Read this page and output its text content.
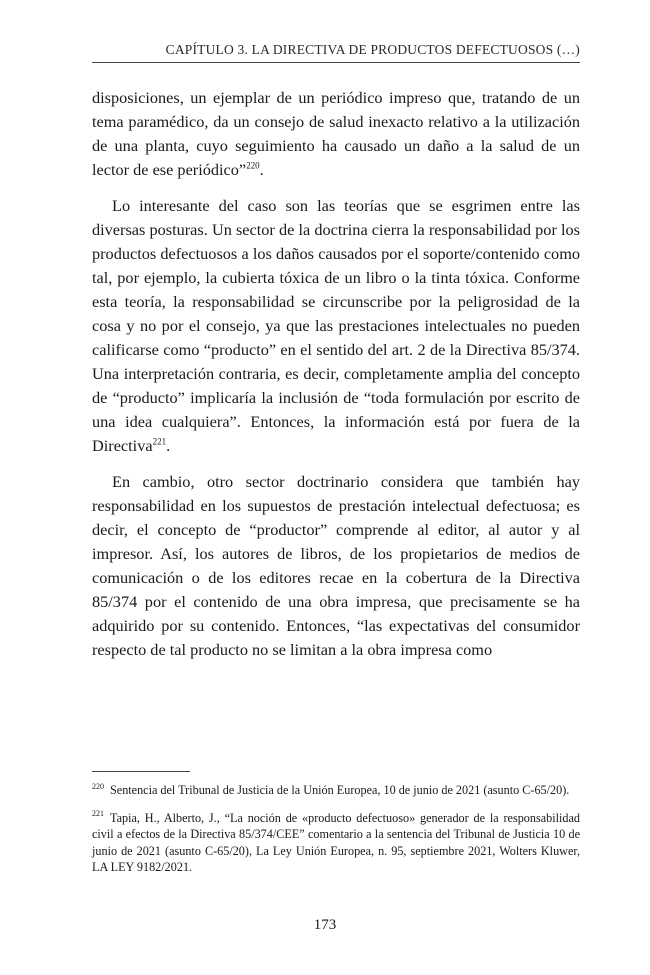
CAPÍTULO 3. LA DIRECTIVA DE PRODUCTOS DEFECTUOSOS (…)

disposiciones, un ejemplar de un periódico impreso que, tratando de un tema paramédico, da un consejo de salud inexacto relativo a la utilización de una planta, cuyo seguimiento ha causado un daño a la salud de un lector de ese periódico”$^{220}$.

Lo interesante del caso son las teorías que se esgrimen entre las diversas posturas. Un sector de la doctrina cierra la responsabilidad por los productos defectuosos a los daños causados por el soporte/contenido como tal, por ejemplo, la cubierta tóxica de un libro o la tinta tóxica. Conforme esta teoría, la responsabilidad se circunscribe por la peligrosidad de la cosa y no por el consejo, ya que las prestaciones intelectuales no pueden calificarse como “producto” en el sentido del art. 2 de la Directiva 85/374. Una interpretación contraria, es decir, completamente amplia del concepto de “producto” implicaría la inclusión de “toda formulación por escrito de una idea cualquiera”. Entonces, la información está por fuera de la Directiva$^{221}$.

En cambio, otro sector doctrinario considera que también hay responsabilidad en los supuestos de prestación intelectual defectuosa; es decir, el concepto de “productor” comprende al editor, al autor y al impresor. Así, los autores de libros, de los propietarios de medios de comunicación o de los editores recae en la cobertura de la Directiva 85/374 por el contenido de una obra impresa, que precisamente se ha adquirido por su contenido. Entonces, “las expectativas del consumidor respecto de tal producto no se limitan a la obra impresa como

$^{220}$ Sentencia del Tribunal de Justicia de la Unión Europea, 10 de junio de 2021 (asunto C-65/20).

$^{221}$ Tapia, H., Alberto, J., “La noción de «producto defectuoso» generador de la responsabilidad civil a efectos de la Directiva 85/374/CEE” comentario a la sentencia del Tribunal de Justicia 10 de junio de 2021 (asunto C-65/20), La Ley Unión Europea, n. 95, septiembre 2021, Wolters Kluwer, LA LEY 9182/2021.

173
